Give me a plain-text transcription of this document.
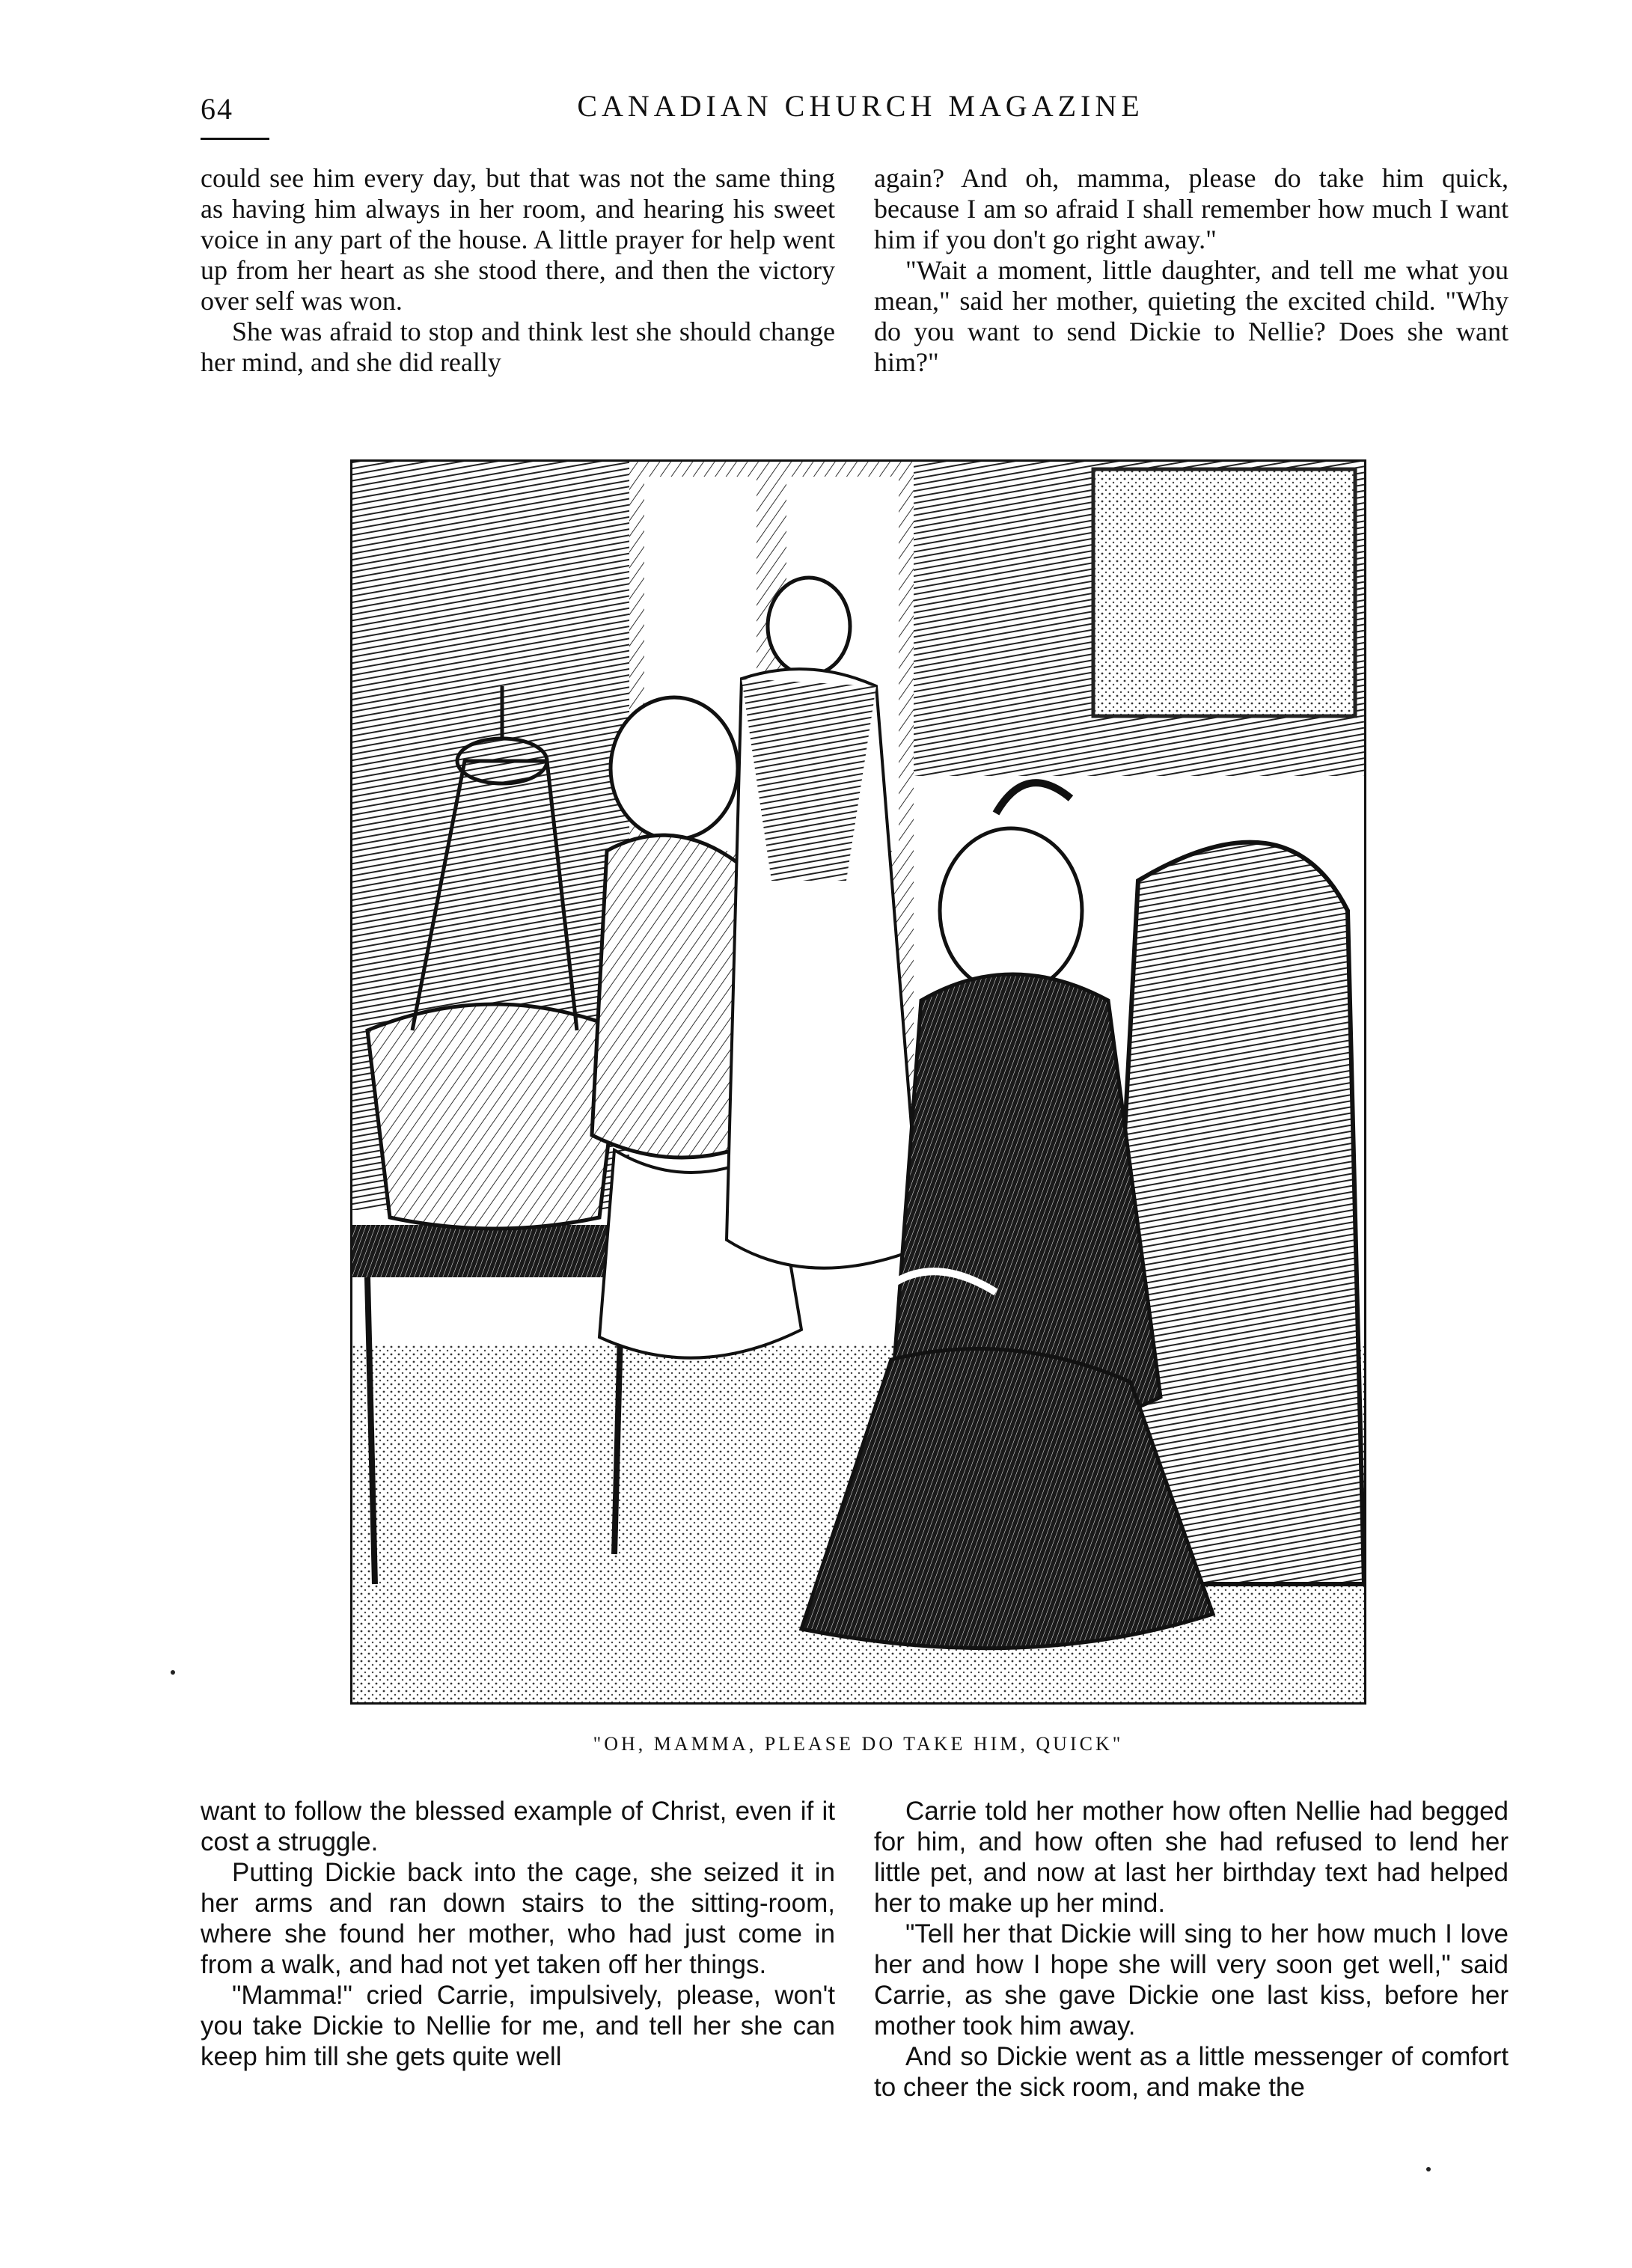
64	CANADIAN CHURCH MAGAZINE

could see him every day, but that was not the same thing as having him always in her room, and hearing his sweet voice in any part of the house. A little prayer for help went up from her heart as she stood there, and then the victory over self was won.

She was afraid to stop and think lest she should change her mind, and she did really

again? And oh, mamma, please do take him quick, because I am so afraid I shall remember how much I want him if you don't go right away."

"Wait a moment, little daughter, and tell me what you mean," said her mother, quieting the excited child. "Why do you want to send Dickie to Nellie? Does she want him?"

"OH, MAMMA, PLEASE DO TAKE HIM, QUICK"

want to follow the blessed example of Christ, even if it cost a struggle.

Putting Dickie back into the cage, she seized it in her arms and ran down stairs to the sitting-room, where she found her mother, who had just come in from a walk, and had not yet taken off her things.

"Mamma!" cried Carrie, impulsively, please, won't you take Dickie to Nellie for me, and tell her she can keep him till she gets quite well

Carrie told her mother how often Nellie had begged for him, and how often she had refused to lend her little pet, and now at last her birthday text had helped her to make up her mind.

"Tell her that Dickie will sing to her how much I love her and how I hope she will very soon get well," said Carrie, as she gave Dickie one last kiss, before her mother took him away.

And so Dickie went as a little messenger of comfort to cheer the sick room, and make the
